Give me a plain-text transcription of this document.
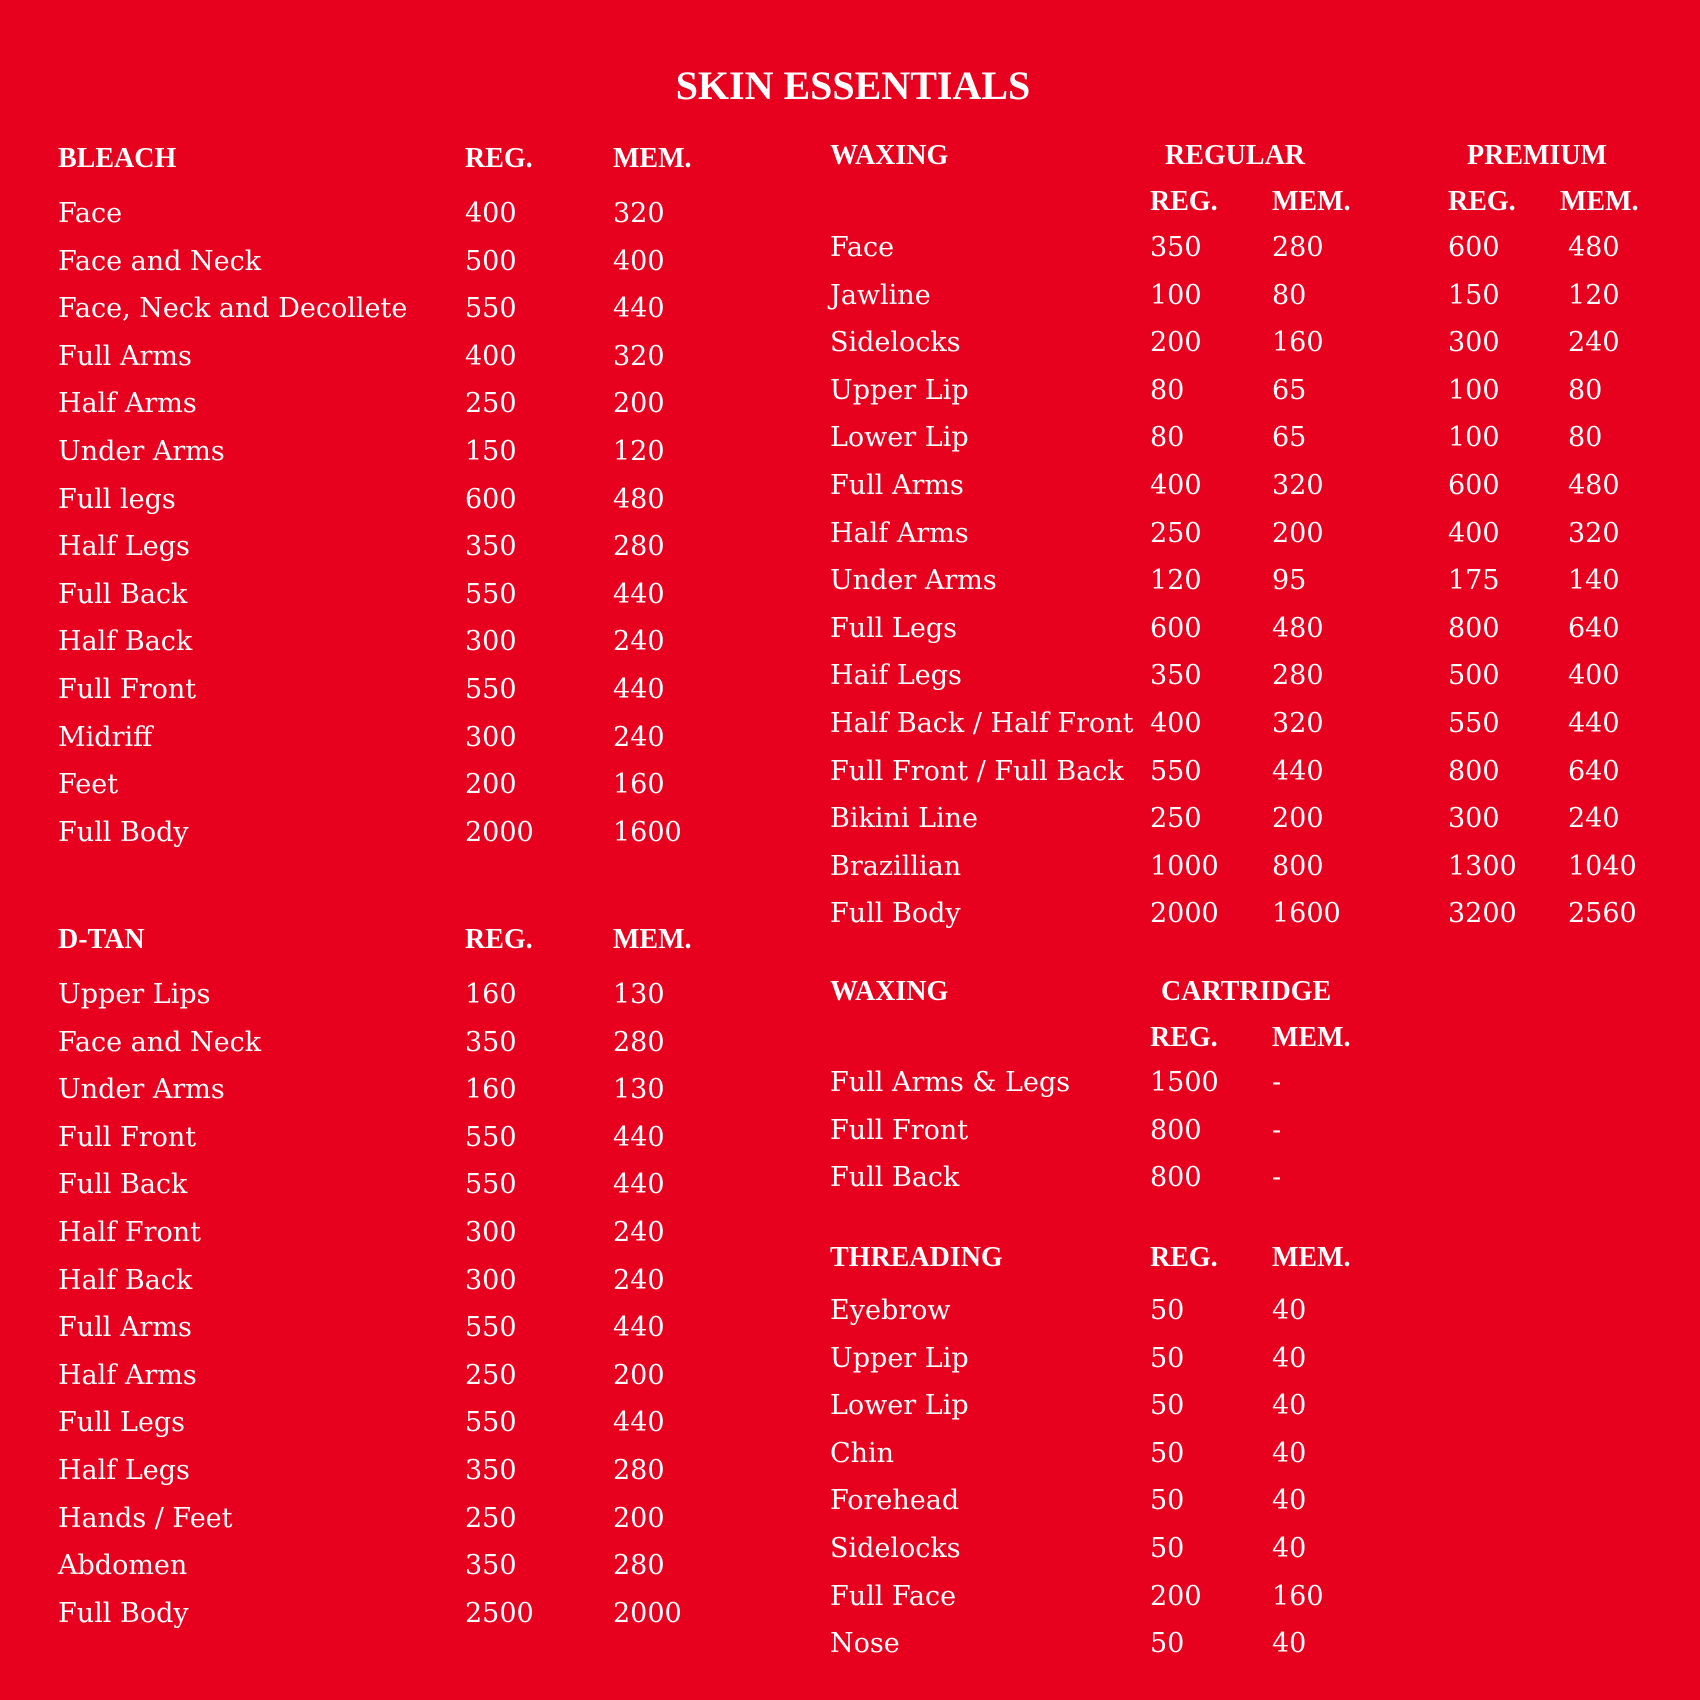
SKIN ESSENTIALS
BLEACH	REG.	MEM.
Face	400	320
Face and Neck	500	400
Face, Neck and Decollete 550	440
Full Arms	400	320
Half Arms	250	200
Under Arms	150	120
Full legs	600	480
Half Legs	350	280
Full Back	550	440
Half Back	300	240
Full Front	550	440
Midriff	300	240
Feet	200	160
Full Body	2000	1600
D-TAN	REG.	MEM.
Upper Lips	160	130
Face and Neck	350	280
Under Arms	160	130
Full Front	550	440
Full Back	550	440
Half Front	300	240
Half Back	300	240
Full Arms	550	440
Half Arms	250	200
Full Legs	550	440
Half Legs	350	280
Hands / Feet	250	200
Abdomen	350	280
Full Body	2500	2000
WAXING	REGULAR	PREMIUM
REG. MEM.	REG. MEM.
Face	350	280	600	480
Jawline	100	80	150	120
Sidelocks	200	160	300	240
Upper Lip	80	65	100	80
Lower Lip	80	65	100	80
Full Arms	400	320	600	480
Half Arms	250	200	400	320
Under Arms	120	95	175	140
Full Legs	600	480	800	640
Haif Legs	350	280	500	400
Half Back / Half Front 400	320	550	440
Full Front / Full Back 550	440	800	640
Bikini Line	250	200	300	240
Brazillian	1000 800	1300 1040
Full Body	2000 1600	3200 2560
WAXING	CARTRIDGE
REG. MEM.
Full Arms & Legs	1500 -
Full Front	800	-
Full Back	800	-
THREADING	REG. MEM.
Eyebrow	50	40
Upper Lip	50	40
Lower Lip	50	40
Chin	50	40
Forehead	50	40
Sidelocks	50	40
Full Face	200	160
Nose	50	40
